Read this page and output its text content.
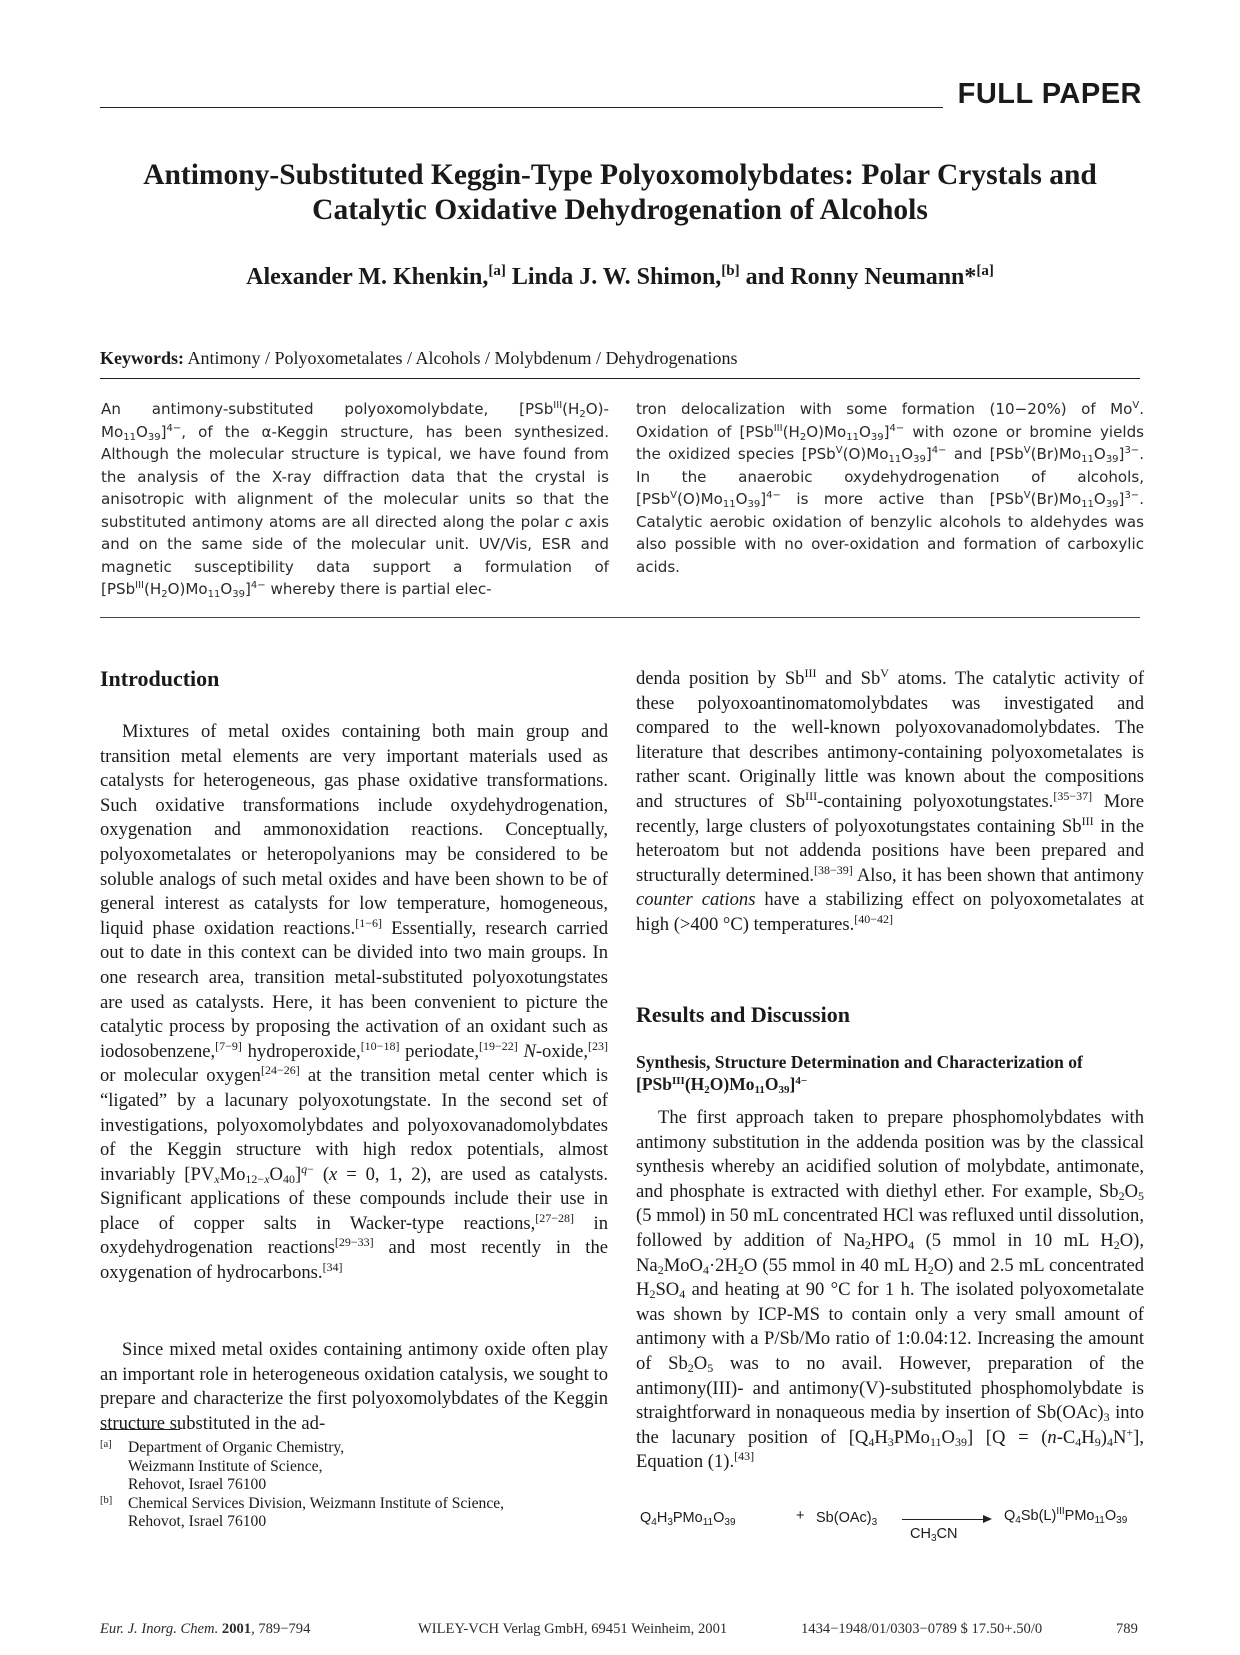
FULL PAPER
Antimony-Substituted Keggin-Type Polyoxomolybdates: Polar Crystals and
Catalytic Oxidative Dehydrogenation of Alcohols
Alexander M. Khenkin,[a] Linda J. W. Shimon,[b] and Ronny Neumann*[a]
Keywords: Antimony / Polyoxometalates / Alcohols / Molybdenum / Dehydrogenations
An antimony-substituted polyoxomolybdate, $[PSb^{III}(H_2O)-Mo_{11}O_{39}]^{4-}$, of the α-Keggin structure, has been synthesized. Although the molecular structure is typical, we have found from the analysis of the X-ray diffraction data that the crystal is anisotropic with alignment of the molecular units so that the substituted antimony atoms are all directed along the polar c axis and on the same side of the molecular unit. UV/Vis, ESR and magnetic susceptibility data support a formulation of $[PSb^{III}(H_2O)Mo_{11}O_{39}]^{4-}$ whereby there is partial elec-
tron delocalization with some formation (10−20%) of $Mo^V$. Oxidation of $[PSb^{III}(H_2O)Mo_{11}O_{39}]^{4-}$ with ozone or bromine yields the oxidized species $[PSb^V(O)Mo_{11}O_{39}]^{4-}$ and $[PSb^V(Br)Mo_{11}O_{39}]^{3-}$. In the anaerobic oxydehydrogenation of alcohols, $[PSb^V(O)Mo_{11}O_{39}]^{4-}$ is more active than $[PSb^V(Br)Mo_{11}O_{39}]^{3-}$. Catalytic aerobic oxidation of benzylic alcohols to aldehydes was also possible with no over-oxidation and formation of carboxylic acids.
Introduction

Mixtures of metal oxides containing both main group and transition metal elements are very important materials used as catalysts for heterogeneous, gas phase oxidative transformations. Such oxidative transformations include oxydehydrogenation, oxygenation and ammonoxidation reactions. Conceptually, polyoxometalates or heteropolyanions may be considered to be soluble analogs of such metal oxides and have been shown to be of general interest as catalysts for low temperature, homogeneous, liquid phase oxidation reactions.[1−6] Essentially, research carried out to date in this context can be divided into two main groups. In one research area, transition metal-substituted polyoxotungstates are used as catalysts. Here, it has been convenient to picture the catalytic process by proposing the activation of an oxidant such as iodosobenzene,[7−9] hydroperoxide,[10−18] periodate,[19−22] N-oxide,[23] or molecular oxygen[24−26] at the transition metal center which is “ligated” by a lacunary polyoxotungstate. In the second set of investigations, polyoxomolybdates and polyoxovanadomolybdates of the Keggin structure with high redox potentials, almost invariably $[PV_xMo_{12-x}O_{40}]^{q-}$ (x = 0, 1, 2), are used as catalysts. Significant applications of these compounds include their use in place of copper salts in Wacker-type reactions,[27−28] in oxydehydrogenation reactions[29−33] and most recently in the oxygenation of hydrocarbons.[34]

Since mixed metal oxides containing antimony oxide often play an important role in heterogeneous oxidation catalysis, we sought to prepare and characterize the first polyoxomolybdates of the Keggin structure substituted in the ad-

[a] Department of Organic Chemistry,
Weizmann Institute of Science,
Rehovot, Israel 76100
[b] Chemical Services Division, Weizmann Institute of Science,
Rehovot, Israel 76100

denda position by $Sb^{III}$ and $Sb^V$ atoms. The catalytic activity of these polyoxoantinomatomolybdates was investigated and compared to the well-known polyoxovanadomolybdates. The literature that describes antimony-containing polyoxometalates is rather scant. Originally little was known about the compositions and structures of $Sb^{III}$-containing polyoxotungstates.[35−37] More recently, large clusters of polyoxotungstates containing $Sb^{III}$ in the heteroatom but not addenda positions have been prepared and structurally determined.[38−39] Also, it has been shown that antimony counter cations have a stabilizing effect on polyoxometalates at high (>400 °C) temperatures.[40−42]

Results and Discussion
Synthesis, Structure Determination and Characterization of
$[PSb^{III}(H_2O)Mo_{11}O_{39}]^{4-}$

The first approach taken to prepare phosphomolybdates with antimony substitution in the addenda position was by the classical synthesis whereby an acidified solution of molybdate, antimonate, and phosphate is extracted with diethyl ether. For example, $Sb_2O_5$ (5 mmol) in 50 mL concentrated HCl was refluxed until dissolution, followed by addition of $Na_2HPO_4$ (5 mmol in 10 mL $H_2O$), $Na_2MoO_4\cdot 2H_2O$ (55 mmol in 40 mL $H_2O$) and 2.5 mL concentrated $H_2SO_4$ and heating at 90 °C for 1 h. The isolated polyoxometalate was shown by ICP-MS to contain only a very small amount of antimony with a P/Sb/Mo ratio of 1:0.04:12. Increasing the amount of $Sb_2O_5$ was to no avail. However, preparation of the antimony(III)- and antimony(V)-substituted phosphomolybdate is straightforward in nonaqueous media by insertion of $Sb(OAc)_3$ into the lacunary position of $[Q_4H_3PMo_{11}O_{39}] [Q = (n-C_4H_9)_4N^+]$, Equation (1).[43]

$Q_4H_3PMo_{11}O_{39}$	+ $Sb(OAc)_3$
$CH_3CN$
$Q_4Sb(L)^{III}PMo_{11}O_{39}$
Eur. J. Inorg. Chem. 2001, 789−794	WILEY-VCH Verlag GmbH, 69451 Weinheim, 2001	1434−1948/01/0303−0789 $ 17.50+.50/0	789
